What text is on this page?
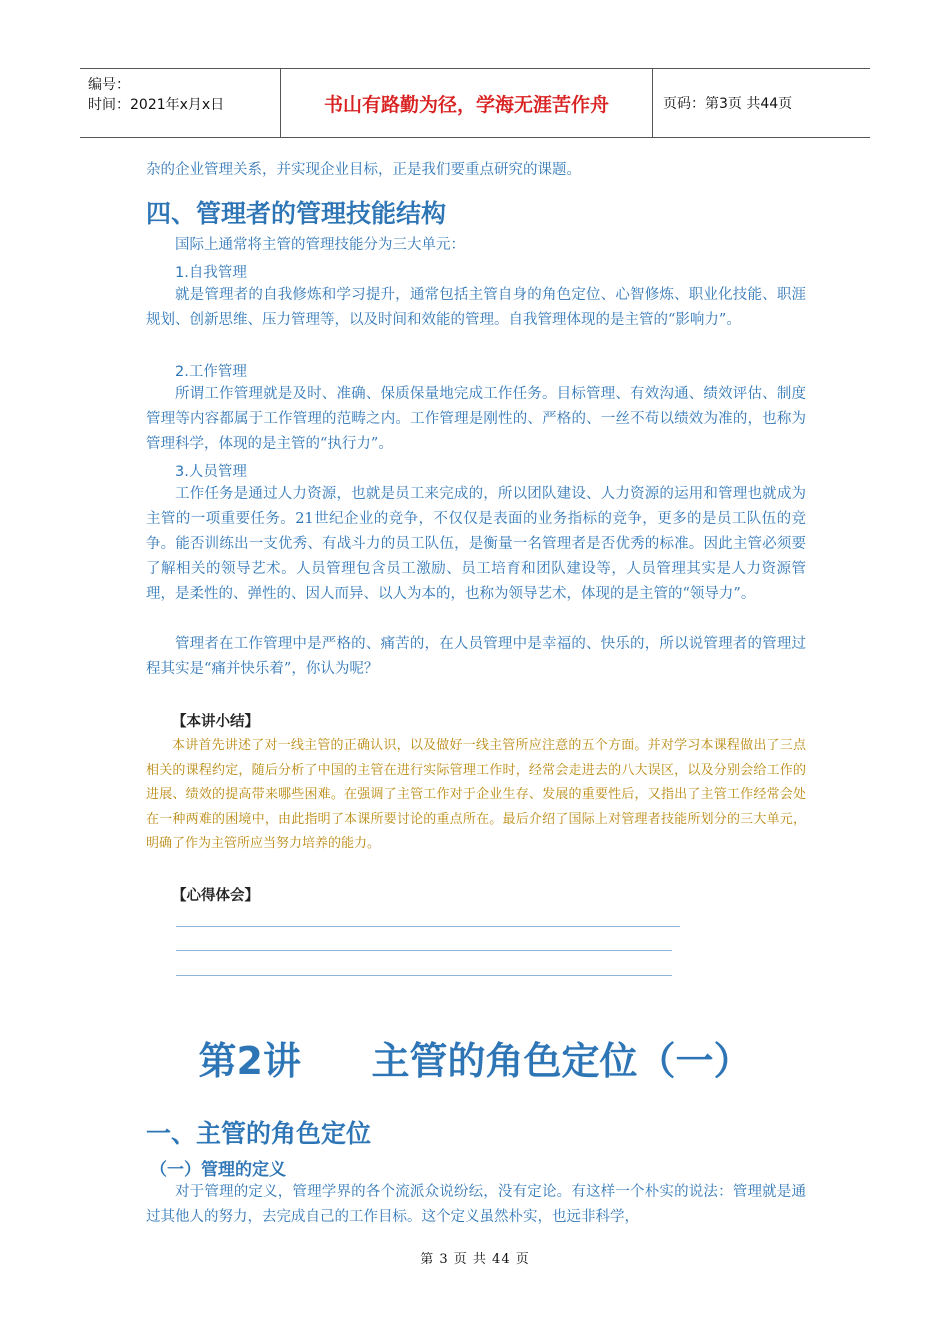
编号：
时间：2021年x月x日	书山有路勤为径，学海无涯苦作舟	页码：第3页 共44页

杂的企业管理关系，并实现企业目标，正是我们要重点研究的课题。

四、管理者的管理技能结构

国际上通常将主管的管理技能分为三大单元：

1.自我管理

就是管理者的自我修炼和学习提升，通常包括主管自身的角色定位、心智修炼、职业化技能、职涯规划、创新思维、压力管理等，以及时间和效能的管理。自我管理体现的是主管的“影响力”。

2.工作管理

所谓工作管理就是及时、准确、保质保量地完成工作任务。目标管理、有效沟通、绩效评估、制度管理等内容都属于工作管理的范畴之内。工作管理是刚性的、严格的、一丝不苟以绩效为准的，也称为管理科学，体现的是主管的“执行力”。

3.人员管理

工作任务是通过人力资源，也就是员工来完成的，所以团队建设、人力资源的运用和管理也就成为主管的一项重要任务。21世纪企业的竞争，不仅仅是表面的业务指标的竞争，更多的是员工队伍的竞争。能否训练出一支优秀、有战斗力的员工队伍，是衡量一名管理者是否优秀的标准。因此主管必须要了解相关的领导艺术。人员管理包含员工激励、员工培育和团队建设等，人员管理其实是人力资源管理，是柔性的、弹性的、因人而异、以人为本的，也称为领导艺术，体现的是主管的“领导力”。

管理者在工作管理中是严格的、痛苦的，在人员管理中是幸福的、快乐的，所以说管理者的管理过程其实是“痛并快乐着”，你认为呢？

【本讲小结】

本讲首先讲述了对一线主管的正确认识，以及做好一线主管所应注意的五个方面。并对学习本课程做出了三点相关的课程约定，随后分析了中国的主管在进行实际管理工作时，经常会走进去的八大误区，以及分别会给工作的进展、绩效的提高带来哪些困难。在强调了主管工作对于企业生存、发展的重要性后，又指出了主管工作经常会处在一种两难的困境中，由此指明了本课所要讨论的重点所在。最后介绍了国际上对管理者技能所划分的三大单元，明确了作为主管所应当努力培养的能力。

【心得体会】

第2讲 主管的角色定位（一）
一、主管的角色定位

（一）管理的定义

对于管理的定义，管理学界的各个流派众说纷纭，没有定论。有这样一个朴实的说法：管理就是通过其他人的努力，去完成自己的工作目标。这个定义虽然朴实，也远非科学，

第 3 页 共 44 页
